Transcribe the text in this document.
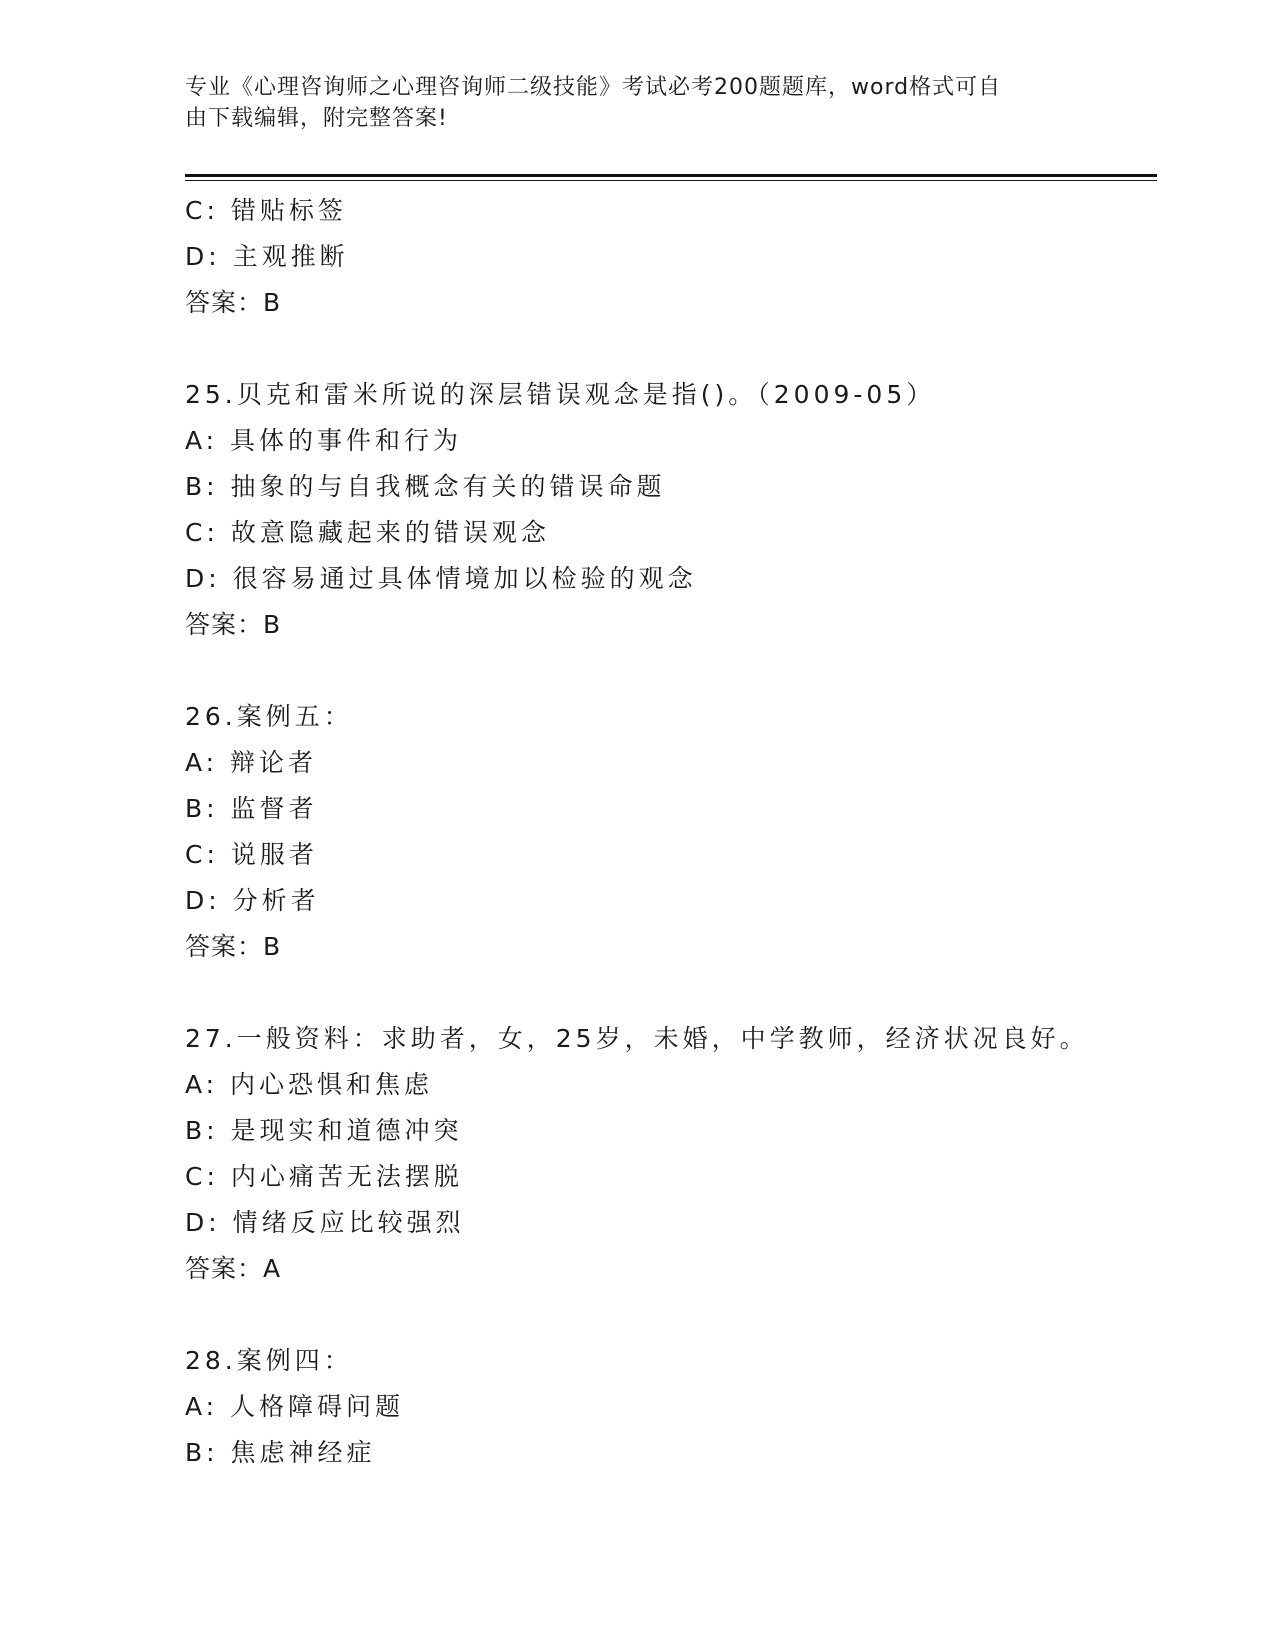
专业《心理咨询师之心理咨询师二级技能》考试必考200题题库，word格式可自
由下载编辑，附完整答案!
C: 错贴标签
D: 主观推断
答案：B
25.贝克和雷米所说的深层错误观念是指()。（2009-05）
A: 具体的事件和行为
B: 抽象的与自我概念有关的错误命题
C: 故意隐藏起来的错误观念
D: 很容易通过具体情境加以检验的观念
答案：B
26.案例五：
A: 辩论者
B: 监督者
C: 说服者
D: 分析者
答案：B
27.一般资料：求助者，女，25岁，未婚，中学教师，经济状况良好。
A: 内心恐惧和焦虑
B: 是现实和道德冲突
C: 内心痛苦无法摆脱
D: 情绪反应比较强烈
答案：A
28.案例四：
A: 人格障碍问题
B: 焦虑神经症
